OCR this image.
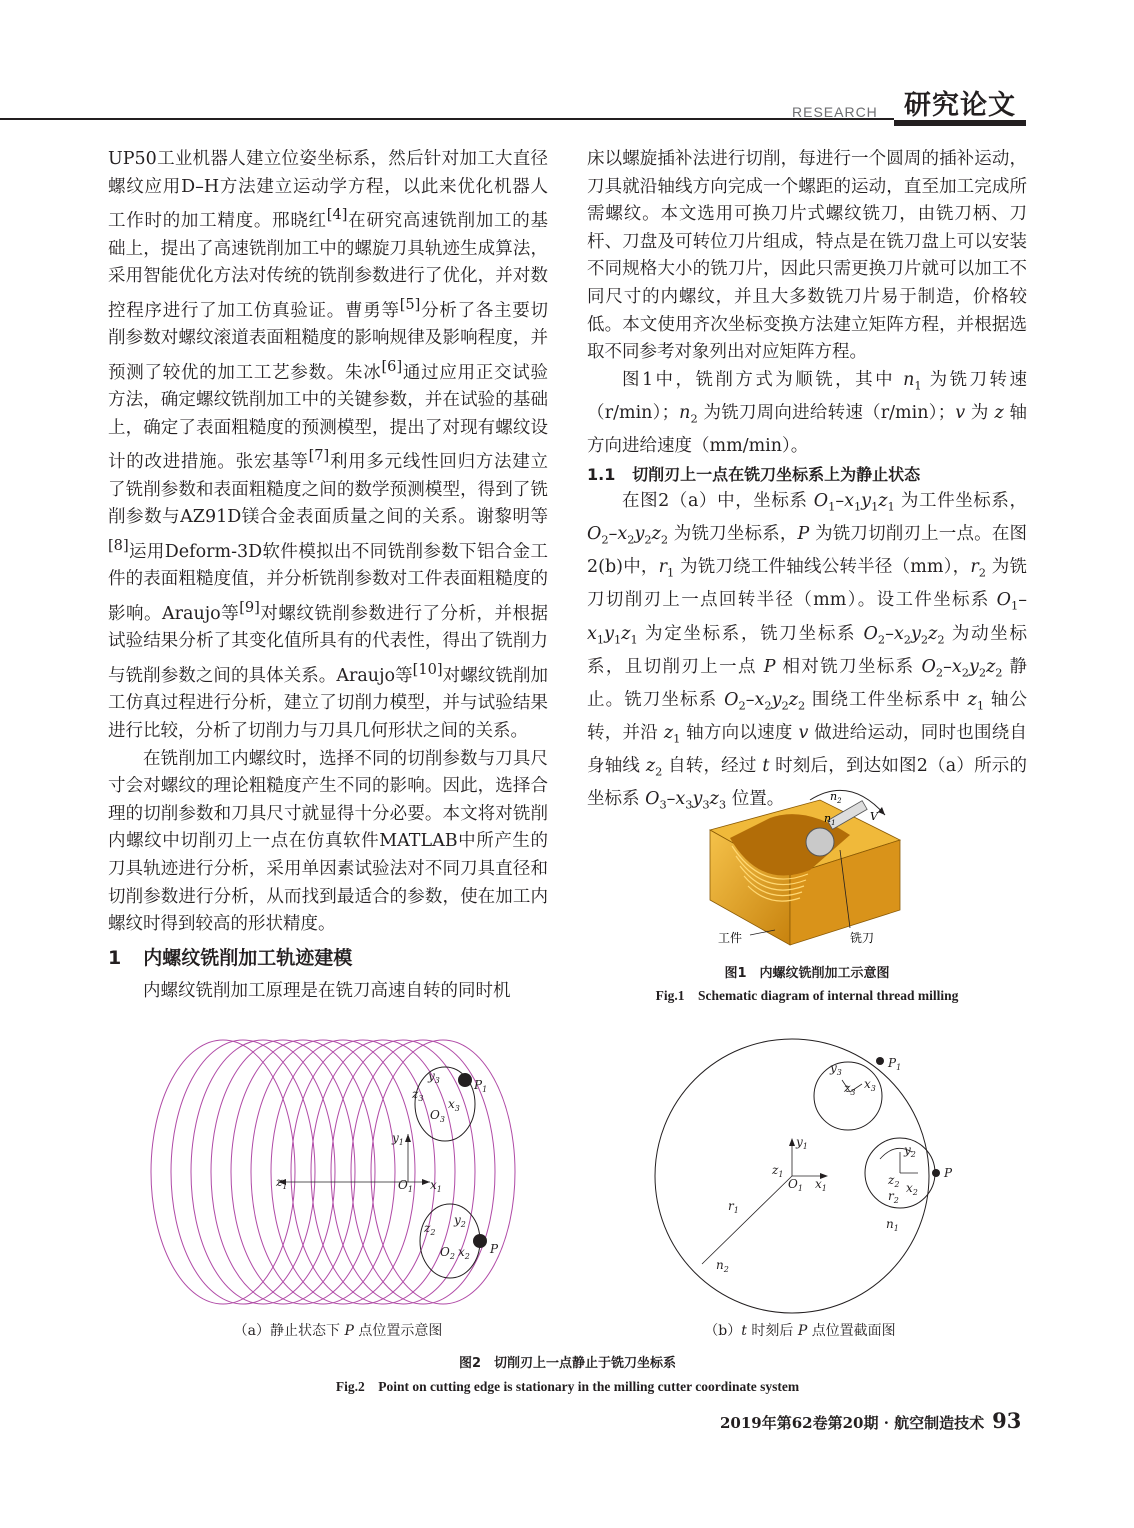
RESEARCH 研究论文

UP50工业机器人建立位姿坐标系，然后针对加工大直径螺纹应用D–H方法建立运动学方程，以此来优化机器人工作时的加工精度。邢晓红[4]在研究高速铣削加工的基础上，提出了高速铣削加工中的螺旋刀具轨迹生成算法，采用智能优化方法对传统的铣削参数进行了优化，并对数控程序进行了加工仿真验证。曹勇等[5]分析了各主要切削参数对螺纹滚道表面粗糙度的影响规律及影响程度，并预测了较优的加工工艺参数。朱冰[6]通过应用正交试验方法，确定螺纹铣削加工中的关键参数，并在试验的基础上，确定了表面粗糙度的预测模型，提出了对现有螺纹设计的改进措施。张宏基等[7]利用多元线性回归方法建立了铣削参数和表面粗糙度之间的数学预测模型，得到了铣削参数与AZ91D镁合金表面质量之间的关系。谢黎明等[8]运用Deform-3D软件模拟出不同铣削参数下铝合金工件的表面粗糙度值，并分析铣削参数对工件表面粗糙度的影响。Araujo等[9]对螺纹铣削参数进行了分析，并根据试验结果分析了其变化值所具有的代表性，得出了铣削力与铣削参数之间的具体关系。Araujo等[10]对螺纹铣削加工仿真过程进行分析，建立了切削力模型，并与试验结果进行比较，分析了切削力与刀具几何形状之间的关系。

在铣削加工内螺纹时，选择不同的切削参数与刀具尺寸会对螺纹的理论粗糙度产生不同的影响。因此，选择合理的切削参数和刀具尺寸就显得十分必要。本文将对铣削内螺纹中切削刃上一点在仿真软件MATLAB中所产生的刀具轨迹进行分析，采用单因素试验法对不同刀具直径和切削参数进行分析，从而找到最适合的参数，使在加工内螺纹时得到较高的形状精度。

1 内螺纹铣削加工轨迹建模
内螺纹铣削加工原理是在铣刀高速自转的同时机

床以螺旋插补法进行切削，每进行一个圆周的插补运动，刀具就沿轴线方向完成一个螺距的运动，直至加工完成所需螺纹。本文选用可换刀片式螺纹铣刀，由铣刀柄、刀杆、刀盘及可转位刀片组成，特点是在铣刀盘上可以安装不同规格大小的铣刀片，因此只需更换刀片就可以加工不同尺寸的内螺纹，并且大多数铣刀片易于制造，价格较低。本文使用齐次坐标变换方法建立矩阵方程，并根据选取不同参考对象列出对应矩阵方程。

图1中，铣削方式为顺铣，其中 $n_1$ 为铣刀转速（r/min）；$n_2$ 为铣刀周向进给转速（r/min）；v 为 z 轴方向进给速度（mm/min）。

1.1 切削刃上一点在铣刀坐标系上为静止状态

在图2（a）中，坐标系 $O_1-x_1y_1z_1$ 为工件坐标系，$O_2-x_2y_2z_2$ 为铣刀坐标系，P 为铣刀切削刃上一点。在图2(b)中，$r_1$ 为铣刀绕工件轴线公转半径（mm），$r_2$ 为铣刀切削刃上一点回转半径（mm）。设工件坐标系 $O_1-x_1y_1z_1$ 为定坐标系，铣刀坐标系 $O_2-x_2y_2z_2$ 为动坐标系，且切削刃上一点 P 相对铣刀坐标系 $O_2-x_2y_2z_2$ 静止。铣刀坐标系 $O_2-x_2y_2z_2$ 围绕工件坐标系中 $z_1$ 轴公转，并沿 $z_1$ 轴方向以速度 v 做进给运动，同时也围绕自身轴线 $z_2$ 自转，经过 t 时刻后，到达如图2（a）所示的坐标系 $O_3-x_3y_3z_3$ 位置。	$n_2$
$n_1$	V
工件	铣刀
图1　内螺纹铣削加工示意图
Fig.1　Schematic diagram of internal thread milling
$z_1$	$O_1$ $x_1$
$y_1$
$y_3$
$O_3$
$x_3$
$z_3$
$P_1$
$y_2$
$z_2$
$O_2$ $x_2$
P
（a）静止状态下 P 点位置示意图
$z_1$
$O_1$ $x_1$
$y_1$
$r_1$
$n_2$
$n_1$
$y_3$
$x_3$
$z_3$
$P_1$
$y_2$
$x_2$
$z_2$
$r_2$
P
（b）t 时刻后 P 点位置截面图
图2　切削刃上一点静止于铣刀坐标系
Fig.2　Point on cutting edge is stationary in the milling cutter coordinate system
2019年第62卷第20期 · 航空制造技术 93
